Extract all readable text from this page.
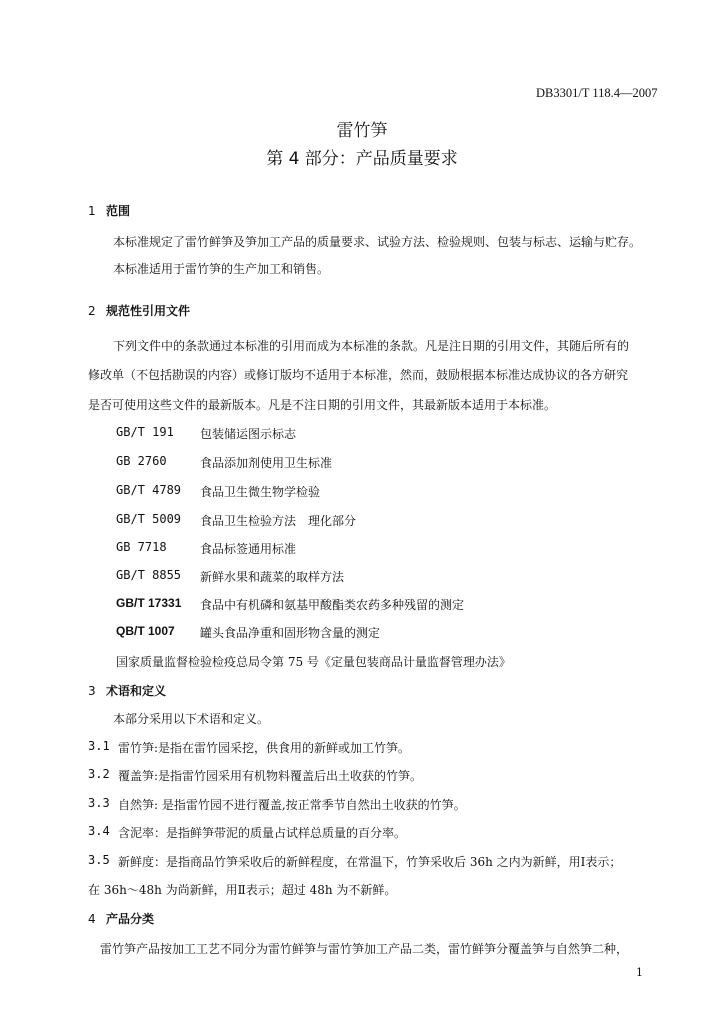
DB3301/T 118.4—2007
雷竹笋
第 4 部分：产品质量要求
1 范围
本标准规定了雷竹鲜笋及笋加工产品的质量要求、试验方法、检验规则、包装与标志、运输与贮存。
本标准适用于雷竹笋的生产加工和销售。
2 规范性引用文件
下列文件中的条款通过本标准的引用而成为本标准的条款。凡是注日期的引用文件，其随后所有的
修改单（不包括勘误的内容）或修订版均不适用于本标准，然而，鼓励根据本标准达成协议的各方研究
是否可使用这些文件的最新版本。凡是不注日期的引用文件，其最新版本适用于本标准。
GB/T 191 包装储运图示标志
GB 2760	食品添加剂使用卫生标准
GB/T 4789 食品卫生微生物学检验
GB/T 5009 食品卫生检验方法　理化部分
GB 7718	食品标签通用标准
GB/T 8855 新鲜水果和蔬菜的取样方法
GB/T 17331 食品中有机磷和氨基甲酸酯类农药多种残留的测定
QB/T 1007 罐头食品净重和固形物含量的测定
国家质量监督检验检疫总局令第 75 号《定量包装商品计量监督管理办法》
3 术语和定义
本部分采用以下术语和定义。
3.1 雷竹笋:是指在雷竹园采挖，供食用的新鲜或加工竹笋。
3.2 覆盖笋:是指雷竹园采用有机物料覆盖后出土收获的竹笋。
3.3 自然笋: 是指雷竹园不进行覆盖,按正常季节自然出土收获的竹笋。
3.4 含泥率：是指鲜笋带泥的质量占试样总质量的百分率。
3.5 新鲜度：是指商品竹笋采收后的新鲜程度，在常温下，竹笋采收后 36h 之内为新鲜，用Ⅰ表示；
在 36h～48h 为尚新鲜，用Ⅱ表示；超过 48h 为不新鲜。
4 产品分类
雷竹笋产品按加工工艺不同分为雷竹鲜笋与雷竹笋加工产品二类，雷竹鲜笋分覆盖笋与自然笋二种，
1
